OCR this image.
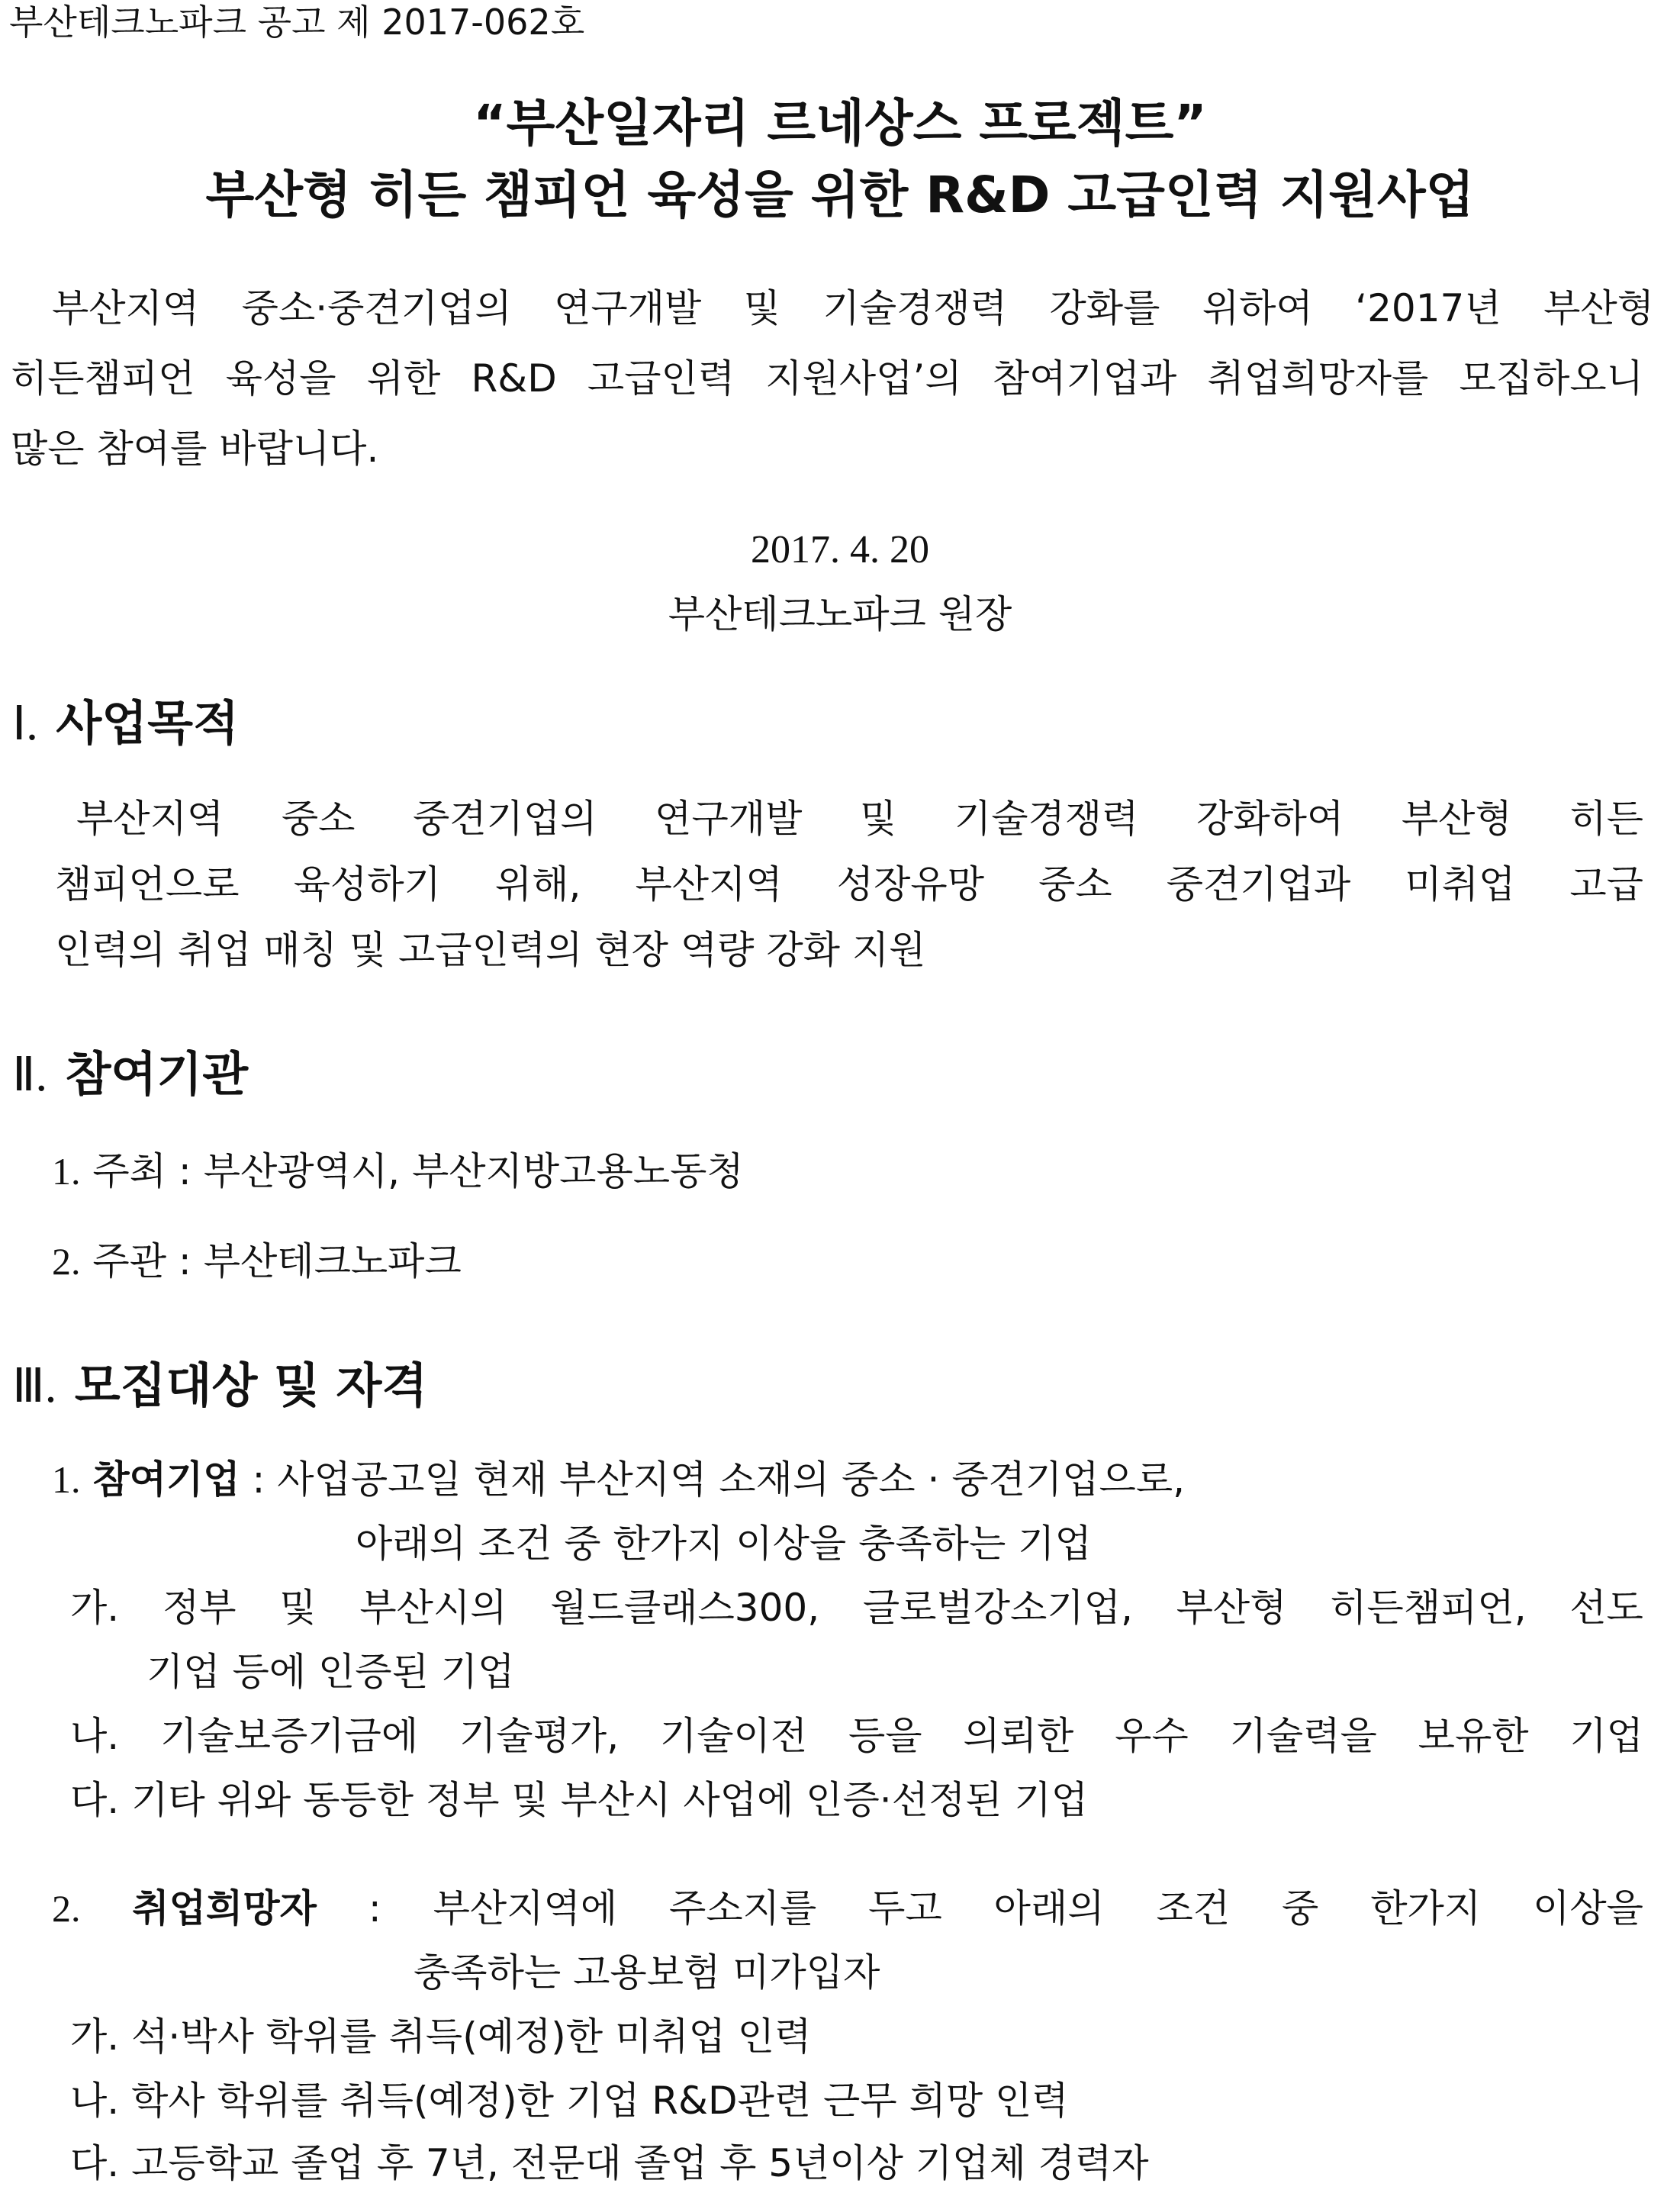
부산테크노파크 공고 제 2017-062호
“부산일자리 르네상스 프로젝트”
부산형 히든 챔피언 육성을 위한 R&D 고급인력 지원사업
부산지역 중소·중견기업의 연구개발 및 기술경쟁력 강화를 위하여 ‘2017년 부산형
히든챔피언 육성을 위한 R&D 고급인력 지원사업’의 참여기업과 취업희망자를 모집하오니
많은 참여를 바랍니다.
2017. 4. 20
부산테크노파크 원장
Ⅰ. 사업목적
부산지역 중소 중견기업의 연구개발 및 기술경쟁력 강화하여 부산형 히든
챔피언으로 육성하기 위해, 부산지역 성장유망 중소 중견기업과 미취업 고급
인력의 취업 매칭 및 고급인력의 현장 역량 강화 지원
Ⅱ. 참여기관
1. 주최 : 부산광역시, 부산지방고용노동청
2. 주관 : 부산테크노파크
Ⅲ. 모집대상 및 자격
1. 참여기업 : 사업공고일 현재 부산지역 소재의 중소 · 중견기업으로,
아래의 조건 중 한가지 이상을 충족하는 기업
가. 정부 및 부산시의 월드클래스300, 글로벌강소기업, 부산형 히든챔피언, 선도
기업 등에 인증된 기업
나. 기술보증기금에 기술평가, 기술이전 등을 의뢰한 우수 기술력을 보유한 기업
다. 기타 위와 동등한 정부 및 부산시 사업에 인증·선정된 기업
2. 취업희망자 : 부산지역에 주소지를 두고 아래의 조건 중 한가지 이상을
충족하는 고용보험 미가입자
가. 석·박사 학위를 취득(예정)한 미취업 인력
나. 학사 학위를 취득(예정)한 기업 R&D관련 근무 희망 인력
다. 고등학교 졸업 후 7년, 전문대 졸업 후 5년이상 기업체 경력자
